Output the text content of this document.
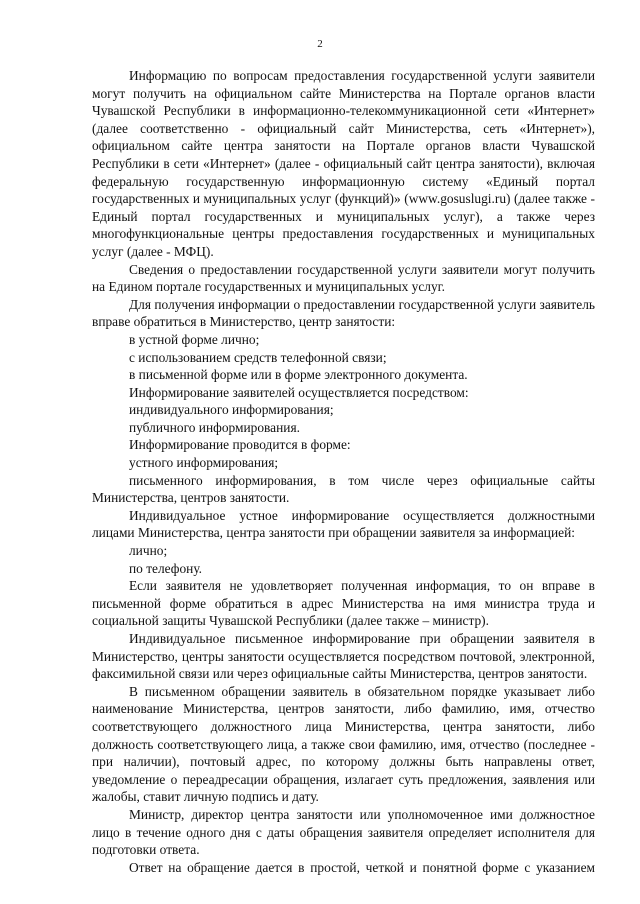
2

Информацию по вопросам предоставления государственной услуги заявители могут получить на официальном сайте Министерства на Портале органов власти Чувашской Республики в информационно-телекоммуникационной сети «Интернет» (далее соответственно - официальный сайт Министерства, сеть «Интернет»), официальном сайте центра занятости на Портале органов власти Чувашской Республики в сети «Интернет» (далее - официальный сайт центра занятости), включая федеральную государственную информационную систему «Единый портал государственных и муниципальных услуг (функций)» (www.gosuslugi.ru) (далее также - Единый портал государственных и муниципальных услуг), а также через многофункциональные центры предоставления государственных и муниципальных услуг (далее - МФЦ).

Сведения о предоставлении государственной услуги заявители могут получить на Едином портале государственных и муниципальных услуг.

Для получения информации о предоставлении государственной услуги заявитель вправе обратиться в Министерство, центр занятости:

в устной форме лично;

с использованием средств телефонной связи;

в письменной форме или в форме электронного документа.

Информирование заявителей осуществляется посредством:

индивидуального информирования;

публичного информирования.

Информирование проводится в форме:

устного информирования;

письменного информирования, в том числе через официальные сайты Министерства, центров занятости.

Индивидуальное устное информирование осуществляется должностными лицами Министерства, центра занятости при обращении заявителя за информацией:

лично;

по телефону.

Если заявителя не удовлетворяет полученная информация, то он вправе в письменной форме обратиться в адрес Министерства на имя министра труда и социальной защиты Чувашской Республики (далее также – министр).

Индивидуальное письменное информирование при обращении заявителя в Министерство, центры занятости осуществляется посредством почтовой, электронной, факсимильной связи или через официальные сайты Министерства, центров занятости.

В письменном обращении заявитель в обязательном порядке указывает либо наименование Министерства, центров занятости, либо фамилию, имя, отчество соответствующего должностного лица Министерства, центра занятости, либо должность соответствующего лица, а также свои фамилию, имя, отчество (последнее - при наличии), почтовый адрес, по которому должны быть направлены ответ, уведомление о переадресации обращения, излагает суть предложения, заявления или жалобы, ставит личную подпись и дату.

Министр, директор центра занятости или уполномоченное ими должностное лицо в течение одного дня с даты обращения заявителя определяет исполнителя для подготовки ответа.

Ответ на обращение дается в простой, четкой и понятной форме с указанием
